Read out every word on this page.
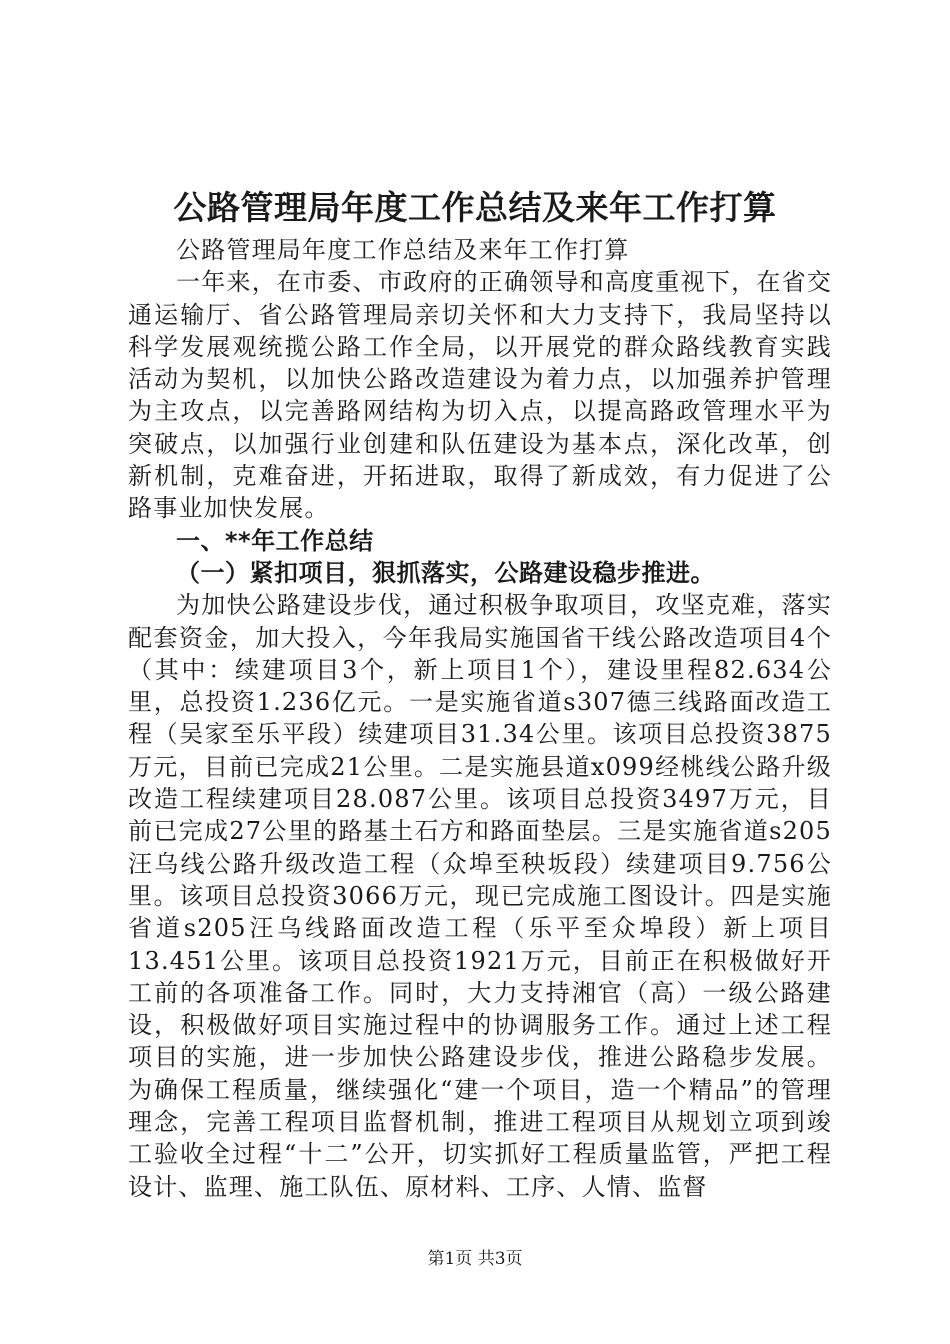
公路管理局年度工作总结及来年工作打算

公路管理局年度工作总结及来年工作打算

一年来，在市委、市政府的正确领导和高度重视下，在省交通运输厅、省公路管理局亲切关怀和大力支持下，我局坚持以科学发展观统揽公路工作全局，以开展党的群众路线教育实践活动为契机，以加快公路改造建设为着力点，以加强养护管理为主攻点，以完善路网结构为切入点，以提高路政管理水平为突破点，以加强行业创建和队伍建设为基本点，深化改革，创新机制，克难奋进，开拓进取，取得了新成效，有力促进了公路事业加快发展。

一、**年工作总结

（一）紧扣项目，狠抓落实，公路建设稳步推进。

为加快公路建设步伐，通过积极争取项目，攻坚克难，落实配套资金，加大投入，今年我局实施国省干线公路改造项目4个（其中：续建项目3个，新上项目1个），建设里程82.634公里，总投资1.236亿元。一是实施省道s307德三线路面改造工程（吴家至乐平段）续建项目31.34公里。该项目总投资3875万元，目前已完成21公里。二是实施县道x099经桃线公路升级改造工程续建项目28.087公里。该项目总投资3497万元，目前已完成27公里的路基土石方和路面垫层。三是实施省道s205汪乌线公路升级改造工程（众埠至秧坂段）续建项目9.756公里。该项目总投资3066万元，现已完成施工图设计。四是实施省道s205汪乌线路面改造工程（乐平至众埠段）新上项目13.451公里。该项目总投资1921万元，目前正在积极做好开工前的各项准备工作。同时，大力支持湘官（高）一级公路建设，积极做好项目实施过程中的协调服务工作。通过上述工程项目的实施，进一步加快公路建设步伐，推进公路稳步发展。为确保工程质量，继续强化“建一个项目，造一个精品”的管理理念，完善工程项目监督机制，推进工程项目从规划立项到竣工验收全过程“十二”公开，切实抓好工程质量监管，严把工程设计、监理、施工队伍、原材料、工序、人情、监督

第1页 共3页
